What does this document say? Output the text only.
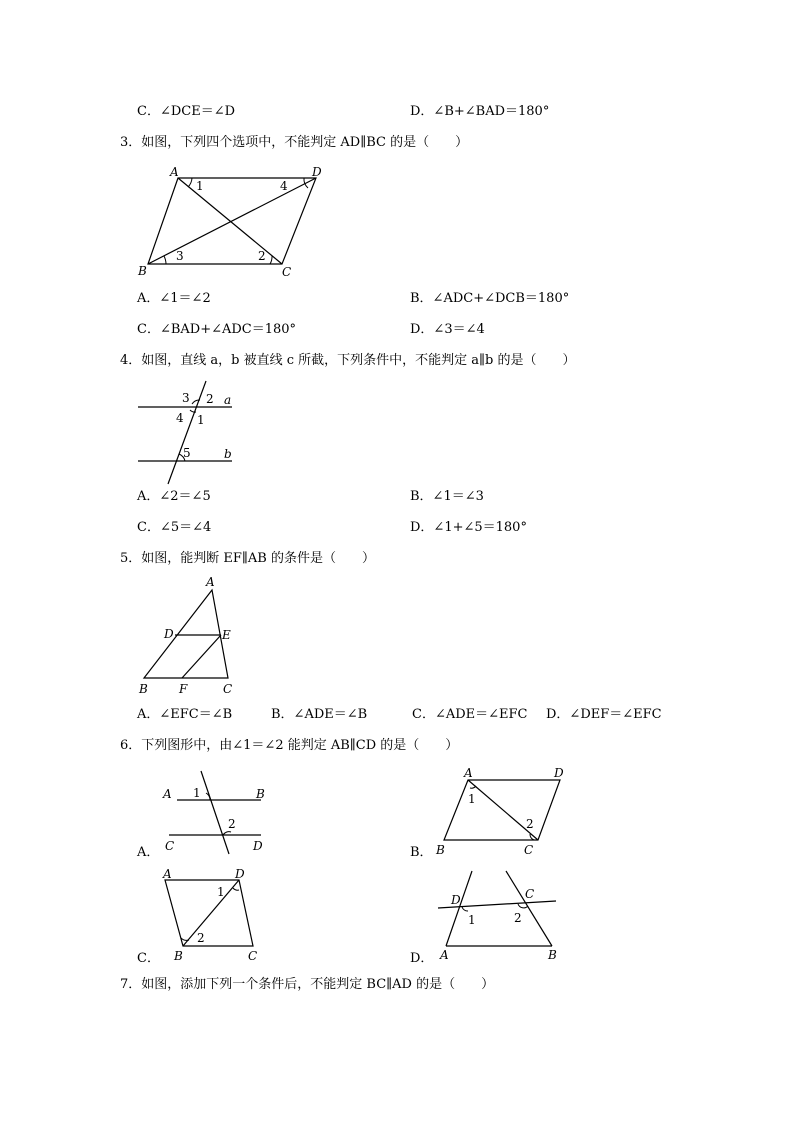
C．∠DCE＝∠D	D．∠B+∠BAD＝180°
3．如图，下列四个选项中，不能判定 AD∥BC 的是（　　）
A	D
B	C
1	4
3	2
A．∠1＝∠2	B．∠ADC+∠DCB＝180°
C．∠BAD+∠ADC＝180°	D．∠3＝∠4
4．如图，直线 a，b 被直线 c 所截，下列条件中，不能判定 a∥b 的是（　　）
3 2
4 1
5
a
b
A．∠2＝∠5	B．∠1＝∠3
C．∠5＝∠4	D．∠1+∠5＝180°
5．如图，能判断 EF∥AB 的条件是（　　）
A
D	E
B	F	C
A．∠EFC＝∠B	B．∠ADE＝∠B	C．∠ADE＝∠EFC D．∠DEF＝∠EFC
6．下列图形中，由∠1＝∠2 能判定 AB∥CD 的是（　　）
A．
A	B
C	D
1
2
B．
A	D
B	C
1
2
C．
A	D
B	C
1
2
D．
D	C
A	B
1	2
7．如图，添加下列一个条件后，不能判定 BC∥AD 的是（　　）
